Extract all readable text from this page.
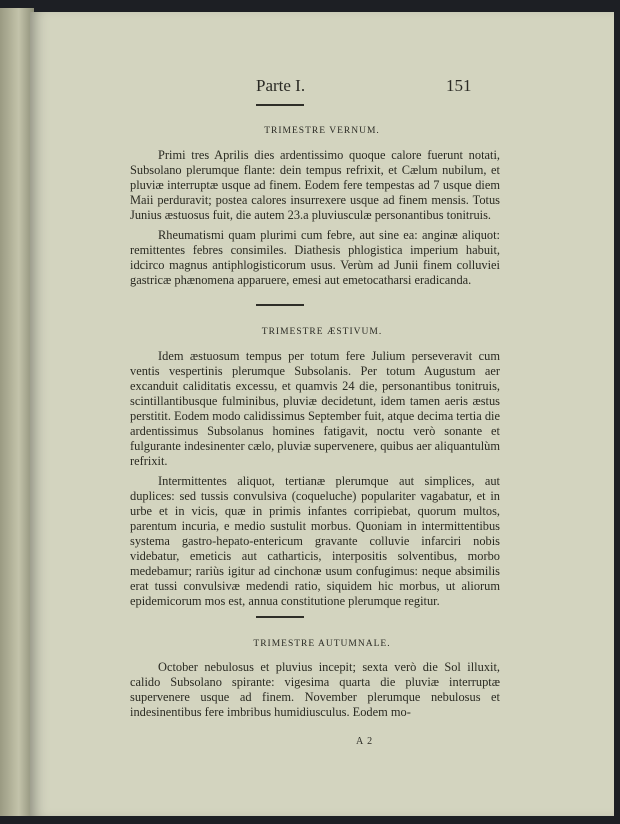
Parte I.	151
TRIMESTRE VERNUM.

Primi tres Aprilis dies ardentissimo quoque calore fuerunt notati, Subsolano plerumque flante: dein tempus refrixit, et Cælum nubilum, et pluviæ interruptæ usque ad finem. Eodem fere tempestas ad 7 usque diem Maii perduravit; postea calores insurrexere usque ad finem mensis. Totus Junius æstuosus fuit, die autem 23.a pluviusculæ personantibus tonitruis.

Rheumatismi quam plurimi cum febre, aut sine ea: anginæ aliquot: remittentes febres consimiles. Diathesis phlogistica imperium habuit, idcirco magnus antiphlogisticorum usus. Verùm ad Junii finem colluviei gastricæ phænomena apparuere, emesi aut emetocatharsi eradicanda.

TRIMESTRE ÆSTIVUM.

Idem æstuosum tempus per totum fere Julium perseveravit cum ventis vespertinis plerumque Subsolanis. Per totum Augustum aer excanduit caliditatis excessu, et quamvis 24 die, personantibus tonitruis, scintillantibusque fulminibus, pluviæ decidetunt, idem tamen aeris æstus perstitit. Eodem modo calidissimus September fuit, atque decima tertia die ardentissimus Subsolanus homines fatigavit, noctu verò sonante et fulgurante indesinenter cælo, pluviæ supervenere, quibus aer aliquantulùm refrixit.

Intermittentes aliquot, tertianæ plerumque aut simplices, aut duplices: sed tussis convulsiva (coqueluche) populariter vagabatur, et in urbe et in vicis, quæ in primis infantes corripiebat, quorum multos, parentum incuria, e medio sustulit morbus. Quoniam in intermittentibus systema gastro-hepato-entericum gravante colluvie infarciri nobis videbatur, emeticis aut catharticis, interpositis solventibus, morbo medebamur; rariùs igitur ad cinchonæ usum confugimus: neque absimilis erat tussi convulsivæ medendi ratio, siquidem hic morbus, ut aliorum epidemicorum mos est, annua constitutione plerumque regitur.

TRIMESTRE AUTUMNALE.

October nebulosus et pluvius incepit; sexta verò die Sol illuxit, calido Subsolano spirante: vigesima quarta die pluviæ interruptæ supervenere usque ad finem. November plerumque nebulosus et indesinentibus fere imbribus humidiusculus. Eodem mo-

A 2
